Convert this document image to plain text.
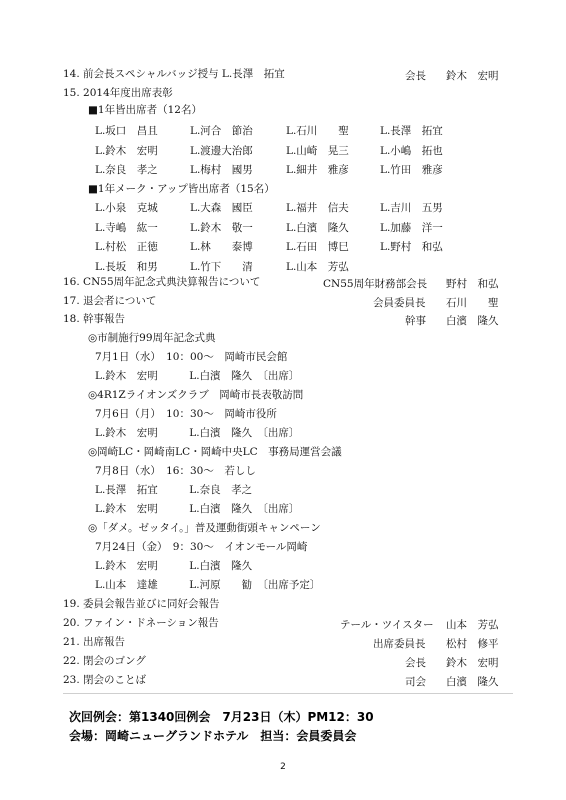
14. 前会長スペシャルバッジ授与 L.長澤　拓宜	会長 鈴木　宏明
15. 2014年度出席表彰
■1年皆出席者（12名）
L.坂口　昌且	L.河合　節治	L.石川　　聖	L.長澤　拓宜
L.鈴木　宏明	L.渡邊大治郎	L.山崎　晃三	L.小嶋　拓也
L.奈良　孝之	L.梅村　國男	L.細井　雅彦	L.竹田　雅彦
■1年メーク・アップ皆出席者（15名）
L.小泉　克城	L.大森　國臣	L.福井　信夫	L.吉川　五男
L.寺嶋　紘一	L.鈴木　敬一	L.白濱　隆久	L.加藤　洋一
L.村松　正徳	L.林　　泰博	L.石田　博巳	L.野村　和弘
L.長坂　和男	L.竹下　　清	L.山本　芳弘
16. CN55周年記念式典決算報告について	CN55周年財務部会長 野村　和弘
17. 退会者について	会員委員長 石川　　聖
18. 幹事報告	幹事 白濱　隆久
◎市制施行99周年記念式典
7月1日（水）　10：00～　岡崎市民会館
L.鈴木　宏明　　　L.白濱　隆久　〔出席〕
◎4R1Zライオンズクラブ　岡崎市長表敬訪問
7月6日（月）　10：30～　岡崎市役所
L.鈴木　宏明　　　L.白濱　隆久　〔出席〕
◎岡崎LC・岡崎南LC・岡崎中央LC　事務局運営会議
7月8日（水）　16：30～　若しし
L.長澤　拓宜　　　L.奈良　孝之
L.鈴木　宏明　　　L.白濱　隆久　〔出席〕
◎「ダメ。ゼッタイ。」普及運動街頭キャンペーン
7月24日（金）　9：30～　イオンモール岡崎
L.鈴木　宏明　　　L.白濱　隆久
L.山本　達雄　　　L.河原　　勧　〔出席予定〕
19. 委員会報告並びに同好会報告
20. ファイン・ドネーション報告	テール・ツイスター 山本　芳弘
21. 出席報告	出席委員長 松村　修平
22. 閉会のゴング	会長 鈴木　宏明
23. 閉会のことば	司会 白濱　隆久
次回例会：第1340回例会　7月23日（木）PM12：30
会場：岡崎ニューグランドホテル　担当：会員委員会
2
